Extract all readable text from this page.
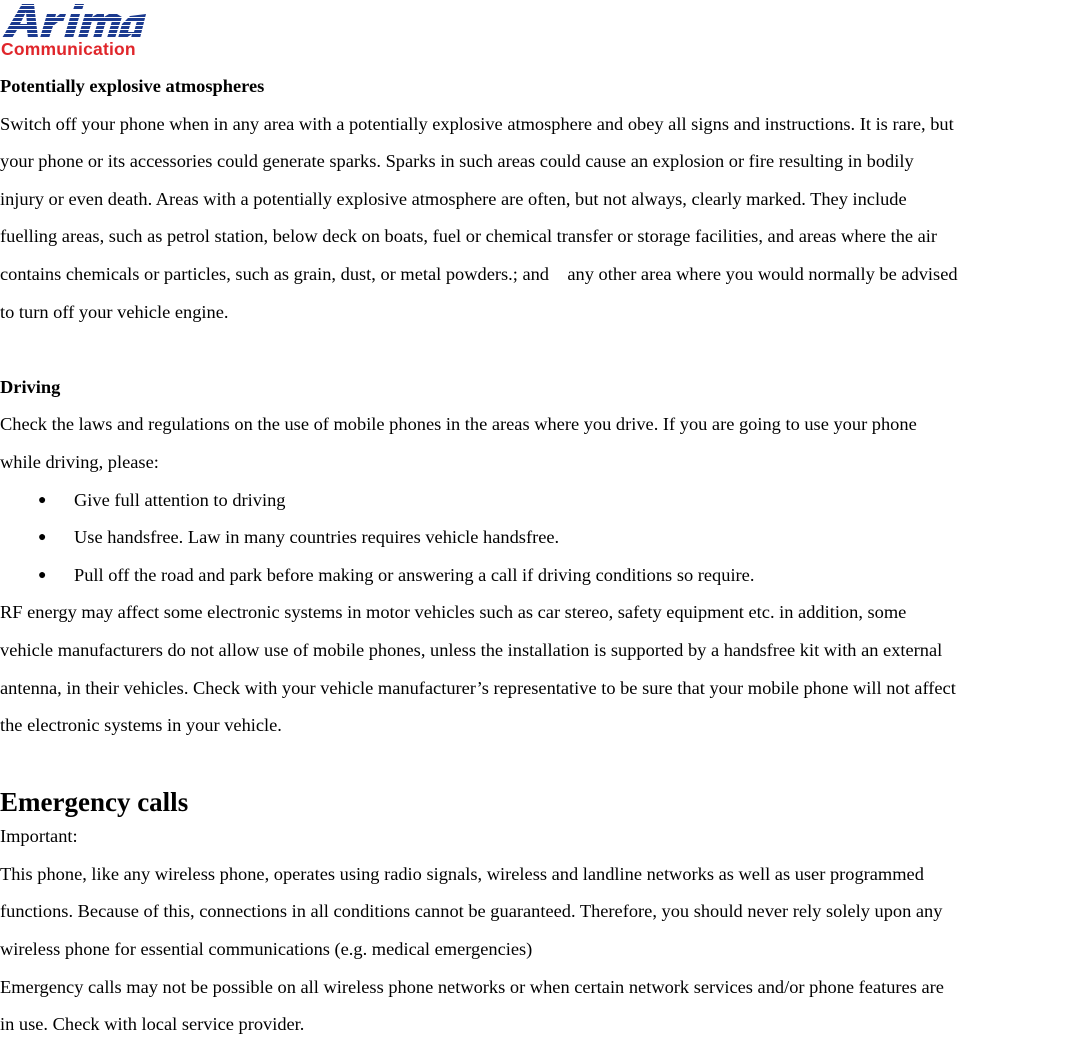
Communication

Potentially explosive atmospheres

Switch off your phone when in any area with a potentially explosive atmosphere and obey all signs and instructions. It is rare, but

your phone or its accessories could generate sparks. Sparks in such areas could cause an explosion or fire resulting in bodily

injury or even death. Areas with a potentially explosive atmosphere are often, but not always, clearly marked. They include

fuelling areas, such as petrol station, below deck on boats, fuel or chemical transfer or storage facilities, and areas where the air

contains chemicals or particles, such as grain, dust, or metal powders.; and    any other area where you would normally be advised

to turn off your vehicle engine.

Driving

Check the laws and regulations on the use of mobile phones in the areas where you drive. If you are going to use your phone

while driving, please:

● Give full attention to driving
● Use handsfree. Law in many countries requires vehicle handsfree.
● Pull off the road and park before making or answering a call if driving conditions so require.

RF energy may affect some electronic systems in motor vehicles such as car stereo, safety equipment etc. in addition, some

vehicle manufacturers do not allow use of mobile phones, unless the installation is supported by a handsfree kit with an external

antenna, in their vehicles. Check with your vehicle manufacturer’s representative to be sure that your mobile phone will not affect

the electronic systems in your vehicle.

Emergency calls

Important:

This phone, like any wireless phone, operates using radio signals, wireless and landline networks as well as user programmed

functions. Because of this, connections in all conditions cannot be guaranteed. Therefore, you should never rely solely upon any

wireless phone for essential communications (e.g. medical emergencies)

Emergency calls may not be possible on all wireless phone networks or when certain network services and/or phone features are

in use. Check with local service provider.
